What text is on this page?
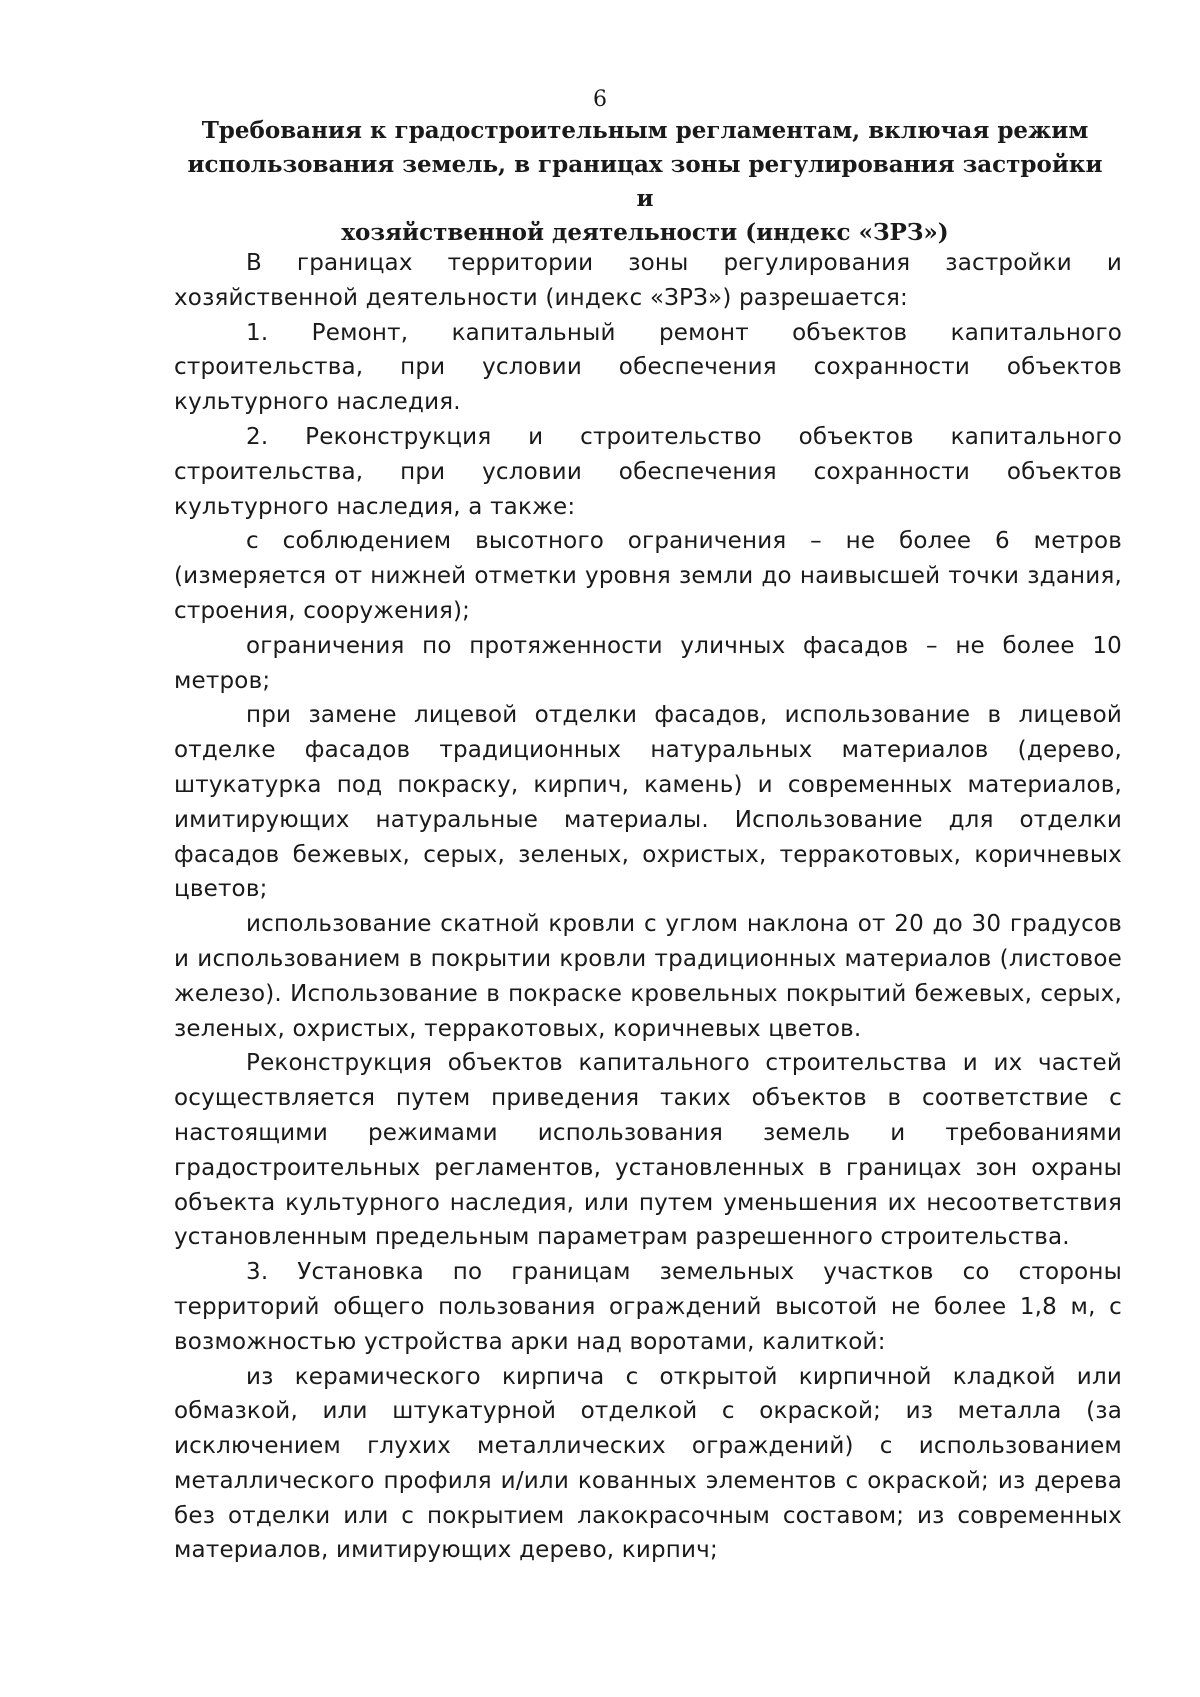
6
Требования к градостроительным регламентам, включая режим
использования земель, в границах зоны регулирования застройки и
хозяйственной деятельности (индекс «ЗРЗ»)

В границах территории зоны регулирования застройки и хозяйственной деятельности (индекс «ЗРЗ») разрешается:

1. Ремонт, капитальный ремонт объектов капитального строительства, при условии обеспечения сохранности объектов культурного наследия.

2. Реконструкция и строительство объектов капитального строительства, при условии обеспечения сохранности объектов культурного наследия, а также:

с соблюдением высотного ограничения – не более 6 метров (измеряется от нижней отметки уровня земли до наивысшей точки здания, строения, сооружения);

ограничения по протяженности уличных фасадов – не более 10 метров;

при замене лицевой отделки фасадов, использование в лицевой отделке фасадов традиционных натуральных материалов (дерево, штукатурка под покраску, кирпич, камень) и современных материалов, имитирующих натуральные материалы. Использование для отделки фасадов бежевых, серых, зеленых, охристых, терракотовых, коричневых цветов;

использование скатной кровли с углом наклона от 20 до 30 градусов и использованием в покрытии кровли традиционных материалов (листовое железо). Использование в покраске кровельных покрытий бежевых, серых, зеленых, охристых, терракотовых, коричневых цветов.

Реконструкция объектов капитального строительства и их частей осуществляется путем приведения таких объектов в соответствие с настоящими режимами использования земель и требованиями градостроительных регламентов, установленных в границах зон охраны объекта культурного наследия, или путем уменьшения их несоответствия установленным предельным параметрам разрешенного строительства.

3. Установка по границам земельных участков со стороны территорий общего пользования ограждений высотой не более 1,8 м, с возможностью устройства арки над воротами, калиткой:

из керамического кирпича с открытой кирпичной кладкой или обмазкой, или штукатурной отделкой с окраской; из металла (за исключением глухих металлических ограждений) с использованием металлического профиля и/или кованных элементов с окраской; из дерева без отделки или с покрытием лакокрасочным составом; из современных материалов, имитирующих дерево, кирпич;
